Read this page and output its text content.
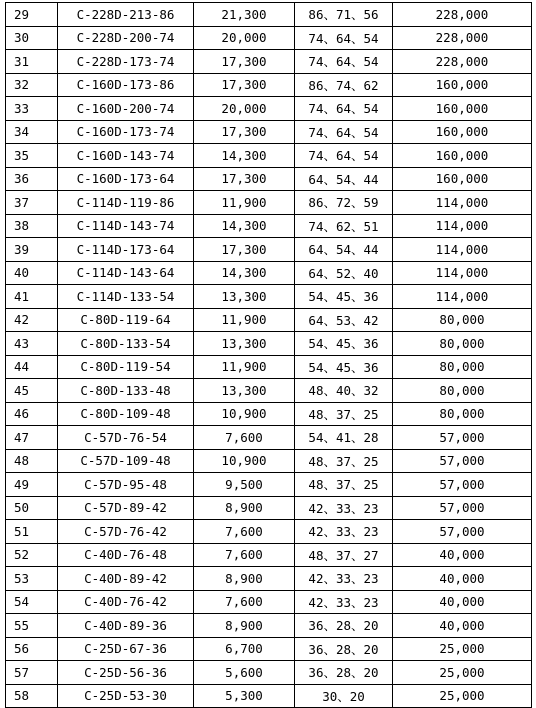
29	C-228D-213-86	21,300	86、71、56	228,000
30	C-228D-200-74	20,000	74、64、54	228,000
31	C-228D-173-74	17,300	74、64、54	228,000
32	C-160D-173-86	17,300	86、74、62	160,000
33	C-160D-200-74	20,000	74、64、54	160,000
34	C-160D-173-74	17,300	74、64、54	160,000
35	C-160D-143-74	14,300	74、64、54	160,000
36	C-160D-173-64	17,300	64、54、44	160,000
37	C-114D-119-86	11,900	86、72、59	114,000
38	C-114D-143-74	14,300	74、62、51	114,000
39	C-114D-173-64	17,300	64、54、44	114,000
40	C-114D-143-64	14,300	64、52、40	114,000
41	C-114D-133-54	13,300	54、45、36	114,000
42	C-80D-119-64	11,900	64、53、42	80,000
43	C-80D-133-54	13,300	54、45、36	80,000
44	C-80D-119-54	11,900	54、45、36	80,000
45	C-80D-133-48	13,300	48、40、32	80,000
46	C-80D-109-48	10,900	48、37、25	80,000
47	C-57D-76-54	7,600	54、41、28	57,000
48	C-57D-109-48	10,900	48、37、25	57,000
49	C-57D-95-48	9,500	48、37、25	57,000
50	C-57D-89-42	8,900	42、33、23	57,000
51	C-57D-76-42	7,600	42、33、23	57,000
52	C-40D-76-48	7,600	48、37、27	40,000
53	C-40D-89-42	8,900	42、33、23	40,000
54	C-40D-76-42	7,600	42、33、23	40,000
55	C-40D-89-36	8,900	36、28、20	40,000
56	C-25D-67-36	6,700	36、28、20	25,000
57	C-25D-56-36	5,600	36、28、20	25,000
58	C-25D-53-30	5,300	30、20	25,000
